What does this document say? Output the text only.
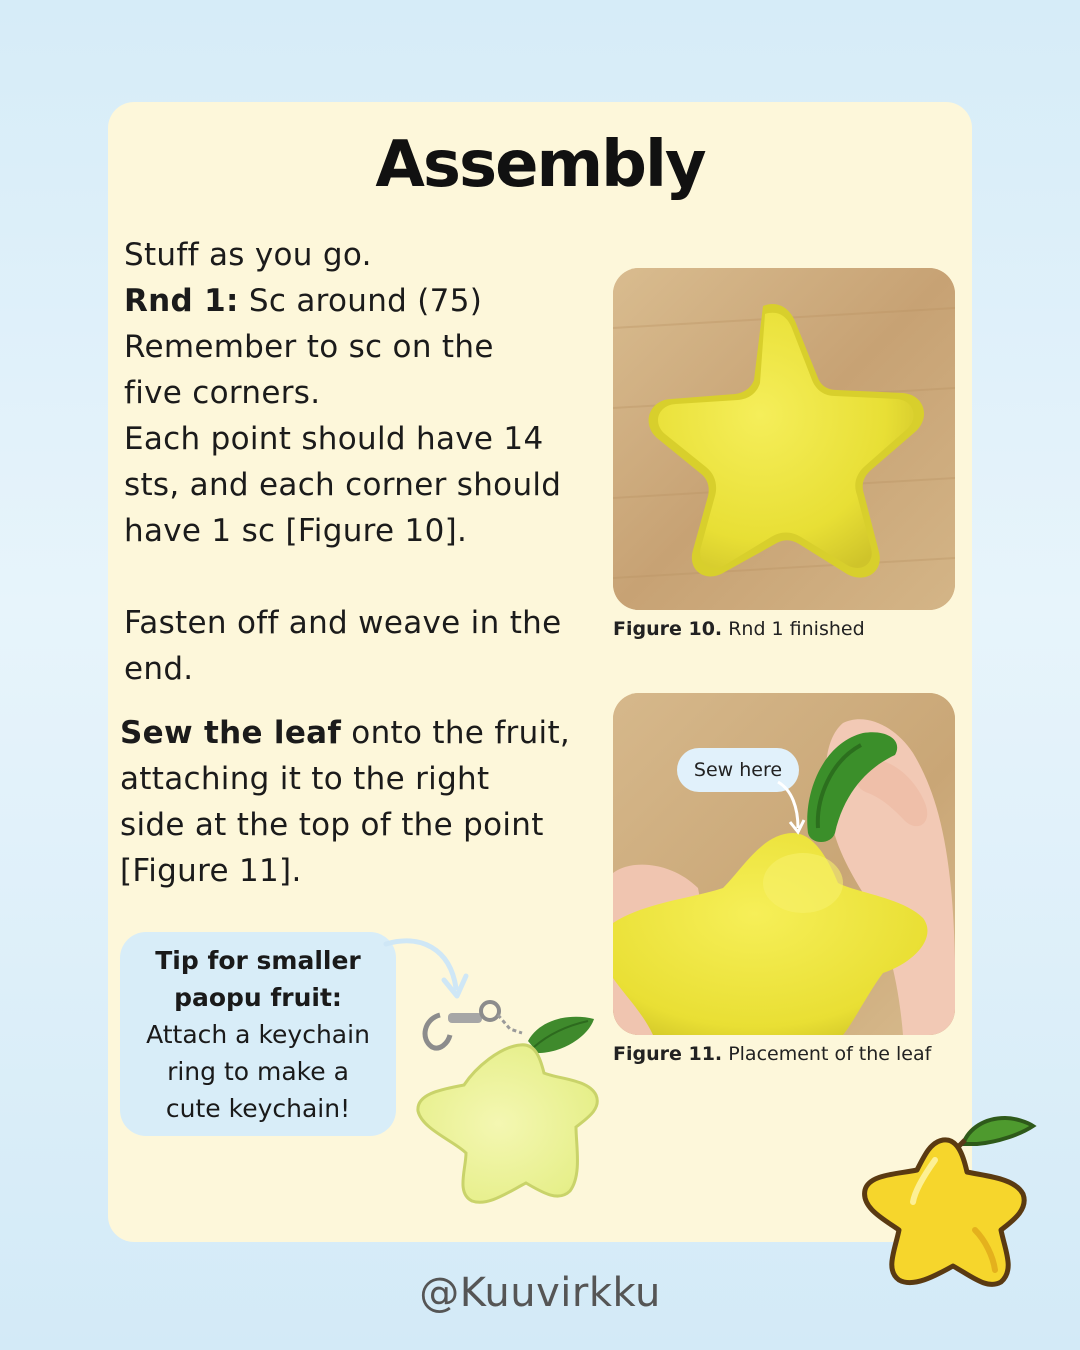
Assembly
Stuff as you go.
Rnd 1: Sc around (75)
Remember to sc on the
five corners.
Each point should have 14
sts, and each corner should
have 1 sc [Figure 10].
Fasten off and weave in the
end.
Sew the leaf onto the fruit,
attaching it to the right
side at the top of the point
[Figure 11].
Figure 10. Rnd 1 finished
Sew here
Figure 11. Placement of the leaf
Tip for smaller
paopu fruit:
Attach a keychain
ring to make a
cute keychain!
@Kuuvirkku
